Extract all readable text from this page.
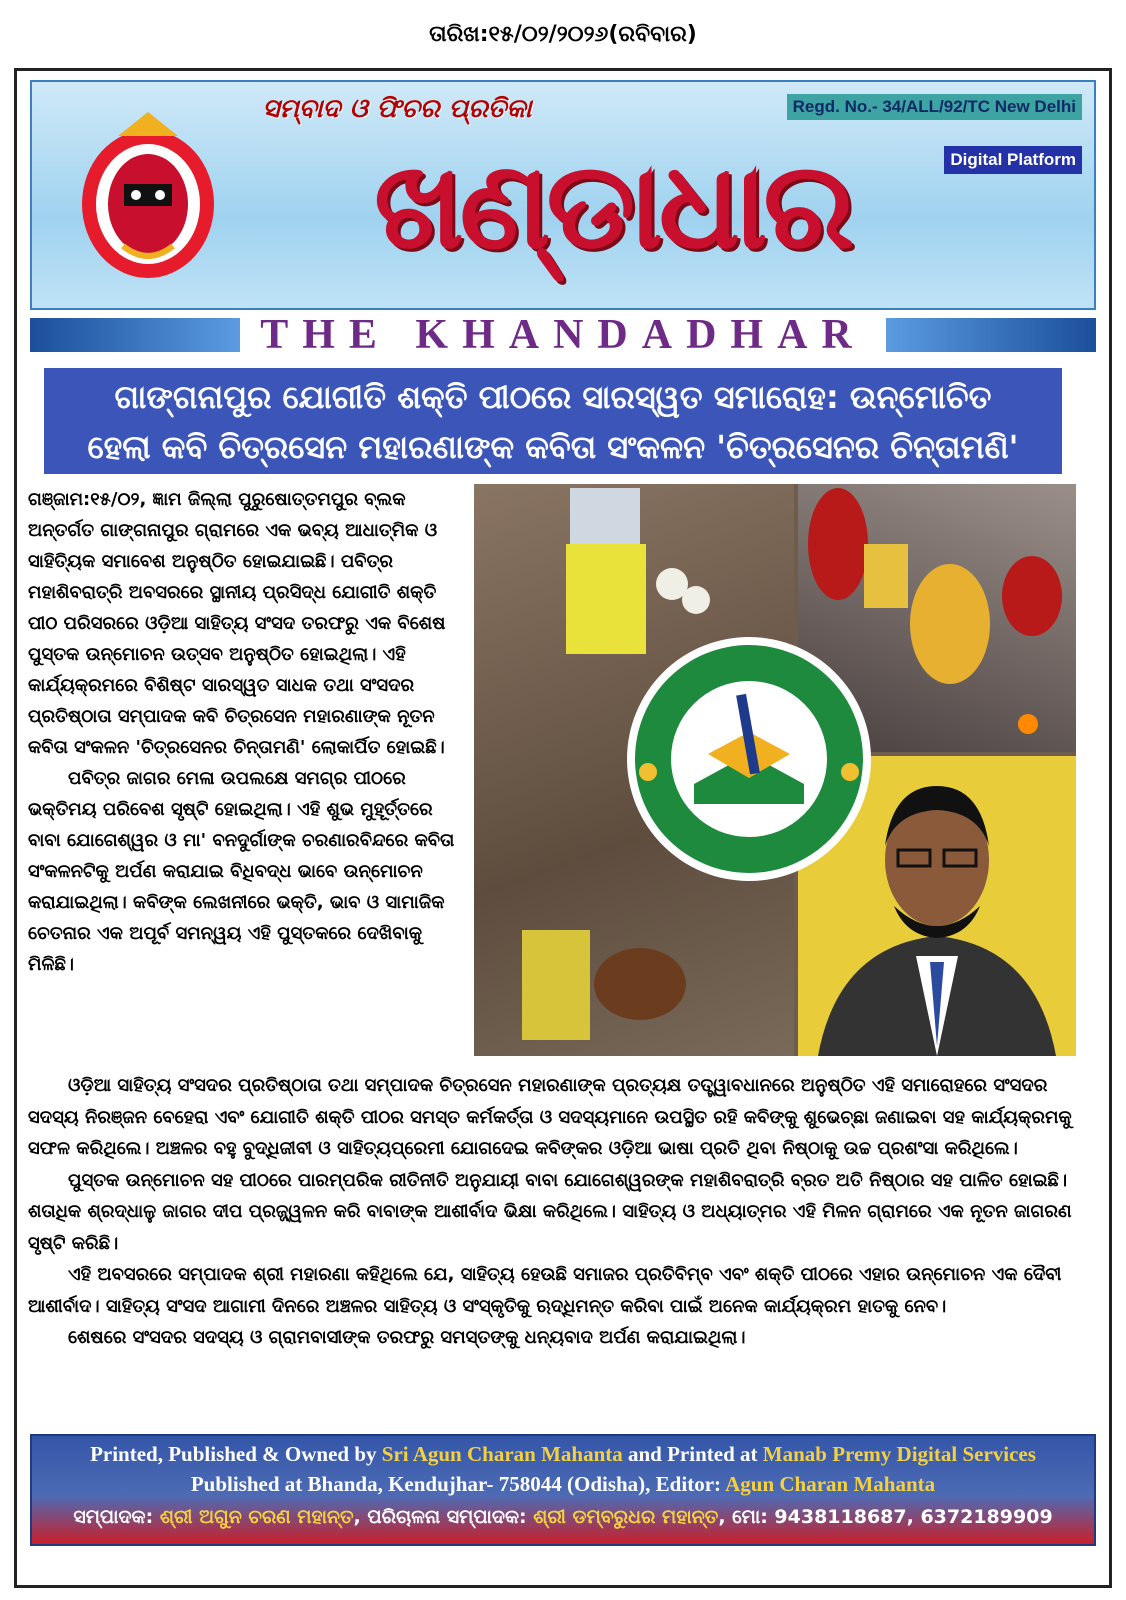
ତାରିଖ:୧୫/୦୨/୨୦୨୬(ରବିବାର)
ସମ୍ବାଦ ଓ ଫିଚର ପ୍ରତିକା
ଖଣ୍ଡାଧାର
Regd. No.- 34/ALL/92/TC New Delhi
Digital Platform
THE KHANDADHAR
ଗାଙ୍ଗନାପୁର ଯୋଗୀତି ଶକ୍ତି ପୀଠରେ ସାରସ୍ୱତ ସମାରୋହ: ଉନ୍ମୋଚିତ
ହେଲା କବି ଚିତ୍ରସେନ ମହାରଣାଙ୍କ କବିତା ସଂକଳନ 'ଚିତ୍ରସେନର ଚିନ୍ତାମଣି'

ଗଞ୍ଜାମ:୧୫/୦୨, ଜ୍ଞାମ ଜିଲ୍ଲା ପୁରୁଷୋତ୍ତମପୁର ବ୍ଲକ ଅନ୍ତର୍ଗତ ଗାଙ୍ଗନାପୁର ଗ୍ରାମରେ ଏକ ଭବ୍ୟ ଆଧାତ୍ମିକ ଓ ସାହିତ୍ୟିକ ସମାବେଶ ଅନୁଷ୍ଠିତ ହୋଇଯାଇଛି। ପବିତ୍ର ମହାଶିବରାତ୍ରି ଅବସରରେ ସ୍ଥାନୀୟ ପ୍ରସିଦ୍ଧ ଯୋଗୀତି ଶକ୍ତି ପୀଠ ପରିସରରେ ଓଡ଼ିଆ ସାହିତ୍ୟ ସଂସଦ ତରଫରୁ ଏକ ବିଶେଷ ପୁସ୍ତକ ଉନ୍ମୋଚନ ଉତ୍ସବ ଅନୁଷ୍ଠିତ ହୋଇଥିଲା। ଏହି କାର୍ଯ୍ୟକ୍ରମରେ ବିଶିଷ୍ଟ ସାରସ୍ୱତ ସାଧକ ତଥା ସଂସଦର ପ୍ରତିଷ୍ଠାତା ସମ୍ପାଦକ କବି ଚିତ୍ରସେନ ମହାରଣାଙ୍କ ନୂତନ କବିତା ସଂକଳନ 'ଚିତ୍ରସେନର ଚିନ୍ତାମଣି' ଲୋକାର୍ପିତ ହୋଇଛି।

ପବିତ୍ର ଜାଗର ମେଳା ଉପଲକ୍ଷେ ସମଗ୍ର ପୀଠରେ ଭକ୍ତିମୟ ପରିବେଶ ସୃଷ୍ଟି ହୋଇଥିଲା। ଏହି ଶୁଭ ମୁହୂର୍ତ୍ତରେ ବାବା ଯୋଗେଶ୍ୱର ଓ ମା' ବନଦୁର୍ଗାଙ୍କ ଚରଣାରବିନ୍ଦରେ କବିତା ସଂକଳନଟିକୁ ଅର୍ପଣ କରାଯାଇ ବିଧିବଦ୍ଧ ଭାବେ ଉନ୍ମୋଚନ କରାଯାଇଥିଲା। କବିଙ୍କ ଲେଖନୀରେ ଭକ୍ତି, ଭାବ ଓ ସାମାଜିକ ଚେତନାର ଏକ ଅପୂର୍ବ ସମନ୍ୱୟ ଏହି ପୁସ୍ତକରେ ଦେଖିବାକୁ ମିଳିଛି।

ଓଡ଼ିଆ ସାହିତ୍ୟ ସଂସଦର ପ୍ରତିଷ୍ଠାତା ତଥା ସମ୍ପାଦକ ଚିତ୍ରସେନ ମହାରଣାଙ୍କ ପ୍ରତ୍ୟକ୍ଷ ତତ୍ତ୍ୱାବଧାନରେ ଅନୁଷ୍ଠିତ ଏହି ସମାରୋହରେ ସଂସଦର ସଦସ୍ୟ ନିରଞ୍ଜନ ବେହେରା ଏବଂ ଯୋଗୀତି ଶକ୍ତି ପୀଠର ସମସ୍ତ କର୍ମକର୍ତ୍ତା ଓ ସଦସ୍ୟମାନେ ଉପସ୍ଥିତ ରହି କବିଙ୍କୁ ଶୁଭେଚ୍ଛା ଜଣାଇବା ସହ କାର୍ଯ୍ୟକ୍ରମକୁ ସଫଳ କରିଥିଲେ। ଅଞ୍ଚଳର ବହୁ ବୁଦ୍ଧିଜୀବୀ ଓ ସାହିତ୍ୟପ୍ରେମୀ ଯୋଗଦେଇ କବିଙ୍କର ଓଡ଼ିଆ ଭାଷା ପ୍ରତି ଥିବା ନିଷ୍ଠାକୁ ଉଚ୍ଚ ପ୍ରଶଂସା କରିଥିଲେ।

ପୁସ୍ତକ ଉନ୍ମୋଚନ ସହ ପୀଠରେ ପାରମ୍ପରିକ ରୀତିନୀତି ଅନୁଯାୟୀ ବାବା ଯୋଗେଶ୍ୱରଙ୍କ ମହାଶିବରାତ୍ରି ବ୍ରତ ଅତି ନିଷ୍ଠାର ସହ ପାଳିତ ହୋଇଛି। ଶତାଧିକ ଶ୍ରଦ୍ଧାଳୁ ଜାଗର ଦୀପ ପ୍ରଜ୍ଜ୍ୱଳନ କରି ବାବାଙ୍କ ଆଶୀର୍ବାଦ ଭିକ୍ଷା କରିଥିଲେ। ସାହିତ୍ୟ ଓ ଅଧ୍ୟାତ୍ମର ଏହି ମିଳନ ଗ୍ରାମରେ ଏକ ନୂତନ ଜାଗରଣ ସୃଷ୍ଟି କରିଛି।

ଏହି ଅବସରରେ ସମ୍ପାଦକ ଶ୍ରୀ ମହାରଣା କହିଥିଲେ ଯେ, ସାହିତ୍ୟ ହେଉଛି ସମାଜର ପ୍ରତିବିମ୍ବ ଏବଂ ଶକ୍ତି ପୀଠରେ ଏହାର ଉନ୍ମୋଚନ ଏକ ଦୈବୀ ଆଶୀର୍ବାଦ। ସାହିତ୍ୟ ସଂସଦ ଆଗାମୀ ଦିନରେ ଅଞ୍ଚଳର ସାହିତ୍ୟ ଓ ସଂସ୍କୃତିକୁ ଋଦ୍ଧିମନ୍ତ କରିବା ପାଇଁ ଅନେକ କାର୍ଯ୍ୟକ୍ରମ ହାତକୁ ନେବ।

ଶେଷରେ ସଂସଦର ସଦସ୍ୟ ଓ ଗ୍ରାମବାସୀଙ୍କ ତରଫରୁ ସମସ୍ତଙ୍କୁ ଧନ୍ୟବାଦ ଅର୍ପଣ କରାଯାଇଥିଲା।

Printed, Published & Owned by Sri Agun Charan Mahanta and Printed at Manab Premy Digital Services
Published at Bhanda, Kendujhar- 758044 (Odisha), Editor: Agun Charan Mahanta
ସମ୍ପାଦକ: ଶ୍ରୀ ଅଗୁନ ଚରଣ ମହାନ୍ତ, ପରିଚାଳନା ସମ୍ପାଦକ: ଶ୍ରୀ ଡମ୍ବରୁଧର ମହାନ୍ତ, ମୋ: 9438118687, 6372189909
